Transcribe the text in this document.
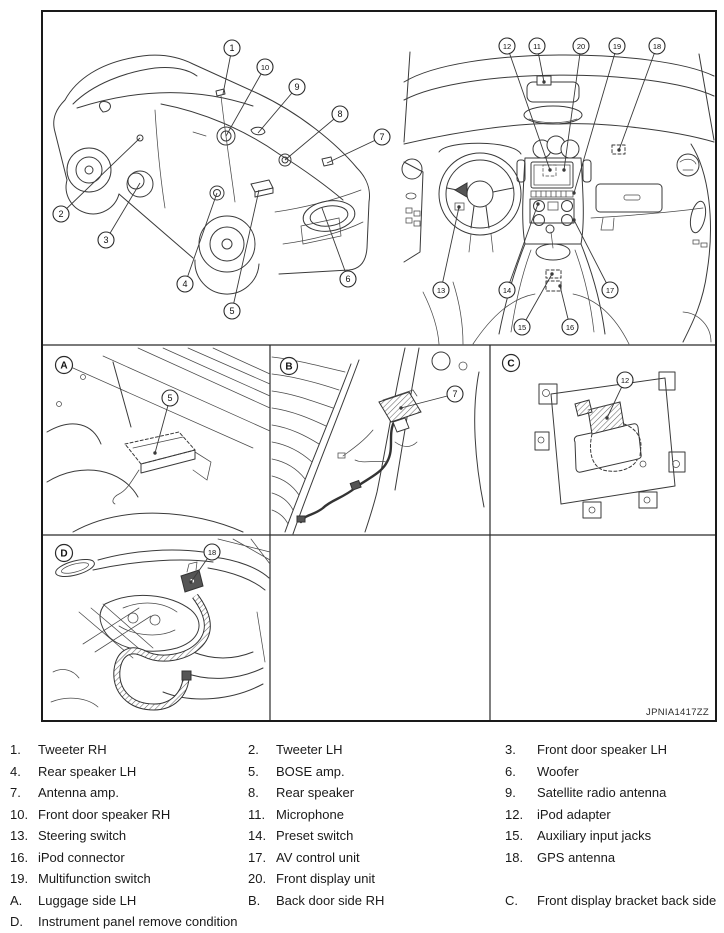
1
10
9
8
7
2
3
4
5
6
12	11	20	19	18
13	14	17
15	16
5	7
12
18
A	B	C
D
JPNIA1417ZZ
1.	Tweeter RH	2.	Tweeter LH	3.	Front door speaker LH
4.	Rear speaker LH	5.	BOSE amp.	6.	Woofer
7.	Antenna amp.	8.	Rear speaker	9.	Satellite radio antenna
10. Front door speaker RH	11. Microphone	12.	iPod adapter
13. Steering switch	14. Preset switch	15.	Auxiliary input jacks
16. iPod connector	17. AV control unit	18.	GPS antenna
19. Multifunction switch	20. Front display unit
A.	Luggage side LH	B.	Back door side RH	C.	Front display bracket back side
D.	Instrument panel remove condition
